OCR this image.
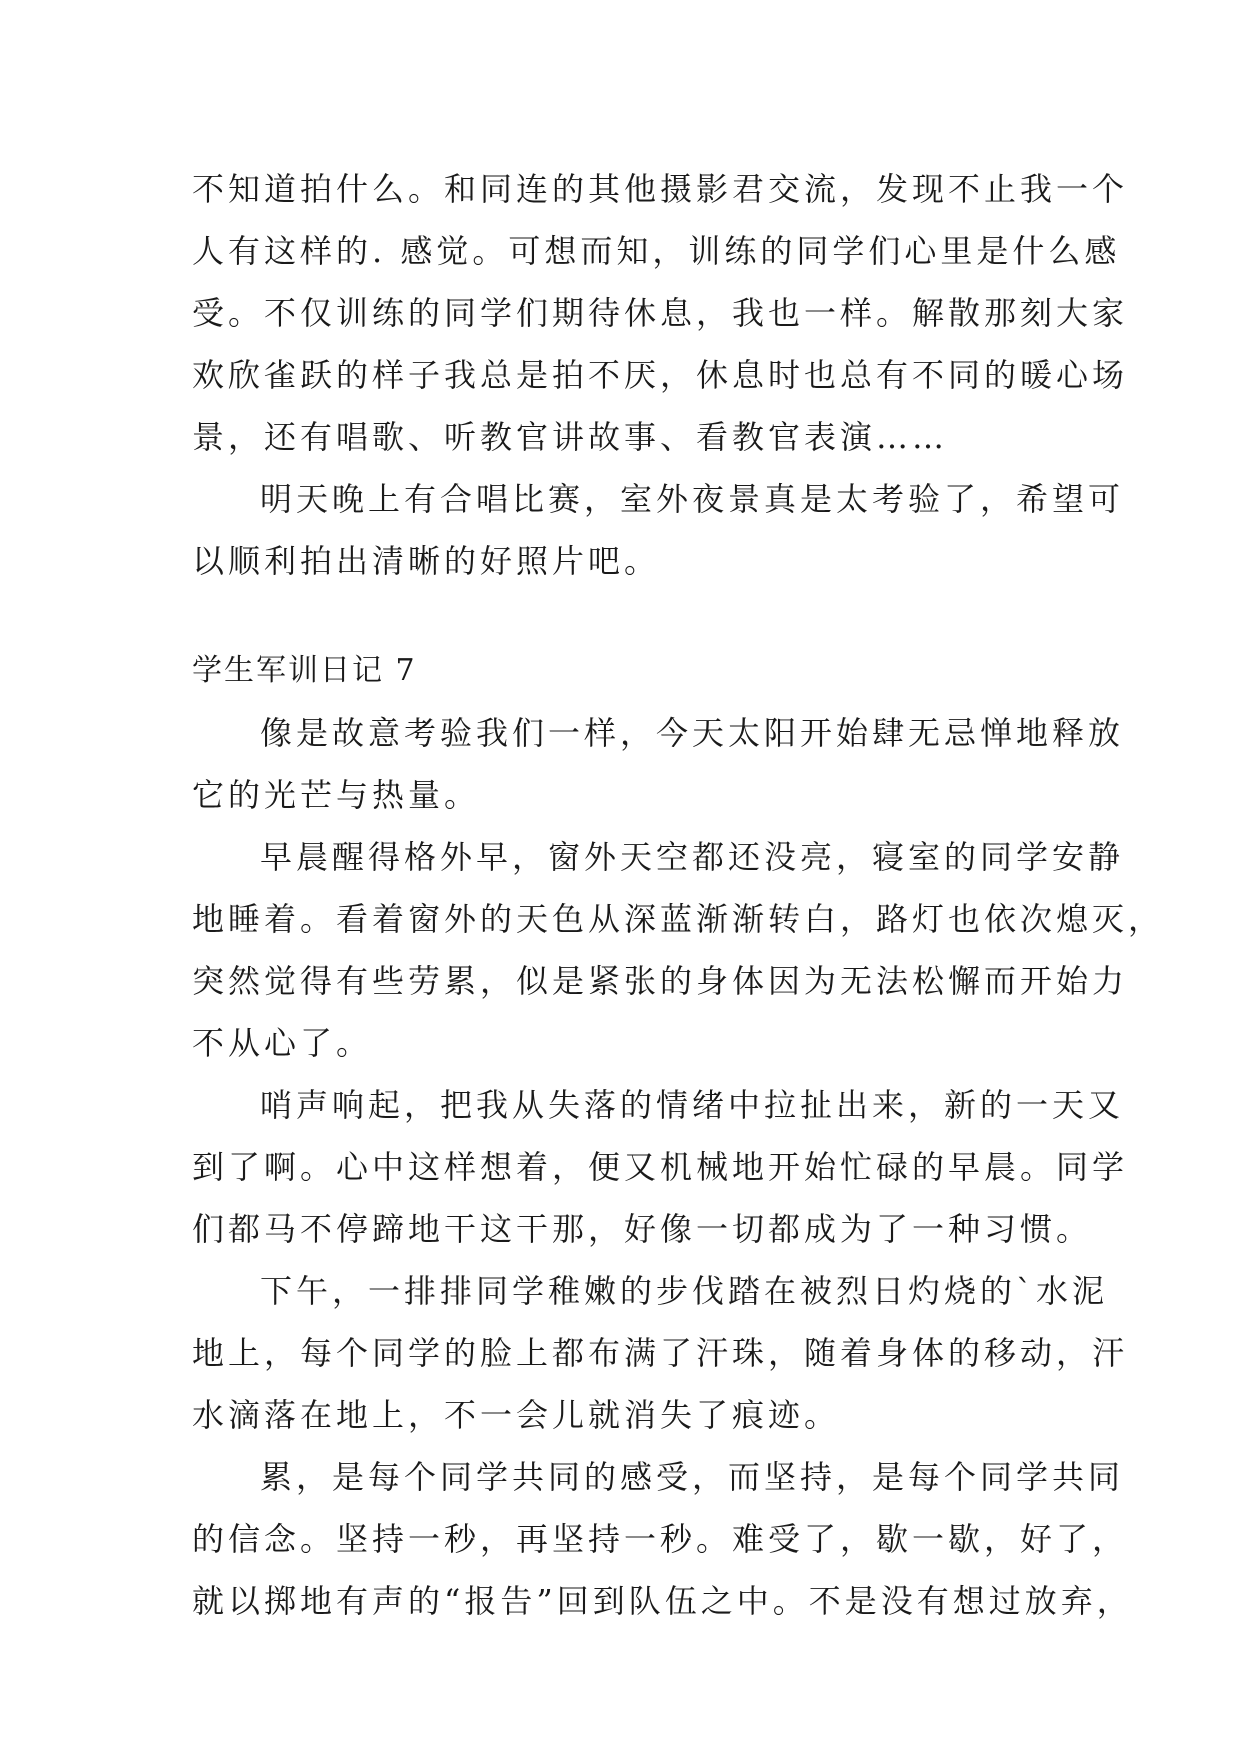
不知道拍什么。和同连的其他摄影君交流，发现不止我一个
人有这样的. 感觉。可想而知，训练的同学们心里是什么感
受。不仅训练的同学们期待休息，我也一样。解散那刻大家
欢欣雀跃的样子我总是拍不厌，休息时也总有不同的暖心场
景，还有唱歌、听教官讲故事、看教官表演……
明天晚上有合唱比赛，室外夜景真是太考验了，希望可
以顺利拍出清晰的好照片吧。
学生军训日记 7
像是故意考验我们一样，今天太阳开始肆无忌惮地释放
它的光芒与热量。
早晨醒得格外早，窗外天空都还没亮，寝室的同学安静
地睡着。看着窗外的天色从深蓝渐渐转白，路灯也依次熄灭，
突然觉得有些劳累，似是紧张的身体因为无法松懈而开始力
不从心了。
哨声响起，把我从失落的情绪中拉扯出来，新的一天又
到了啊。心中这样想着，便又机械地开始忙碌的早晨。同学
们都马不停蹄地干这干那，好像一切都成为了一种习惯。
下午，一排排同学稚嫩的步伐踏在被烈日灼烧的`水泥
地上，每个同学的脸上都布满了汗珠，随着身体的移动，汗
水滴落在地上，不一会儿就消失了痕迹。
累，是每个同学共同的感受，而坚持，是每个同学共同
的信念。坚持一秒，再坚持一秒。难受了，歇一歇，好了，
就以掷地有声的“报告”回到队伍之中。不是没有想过放弃，
